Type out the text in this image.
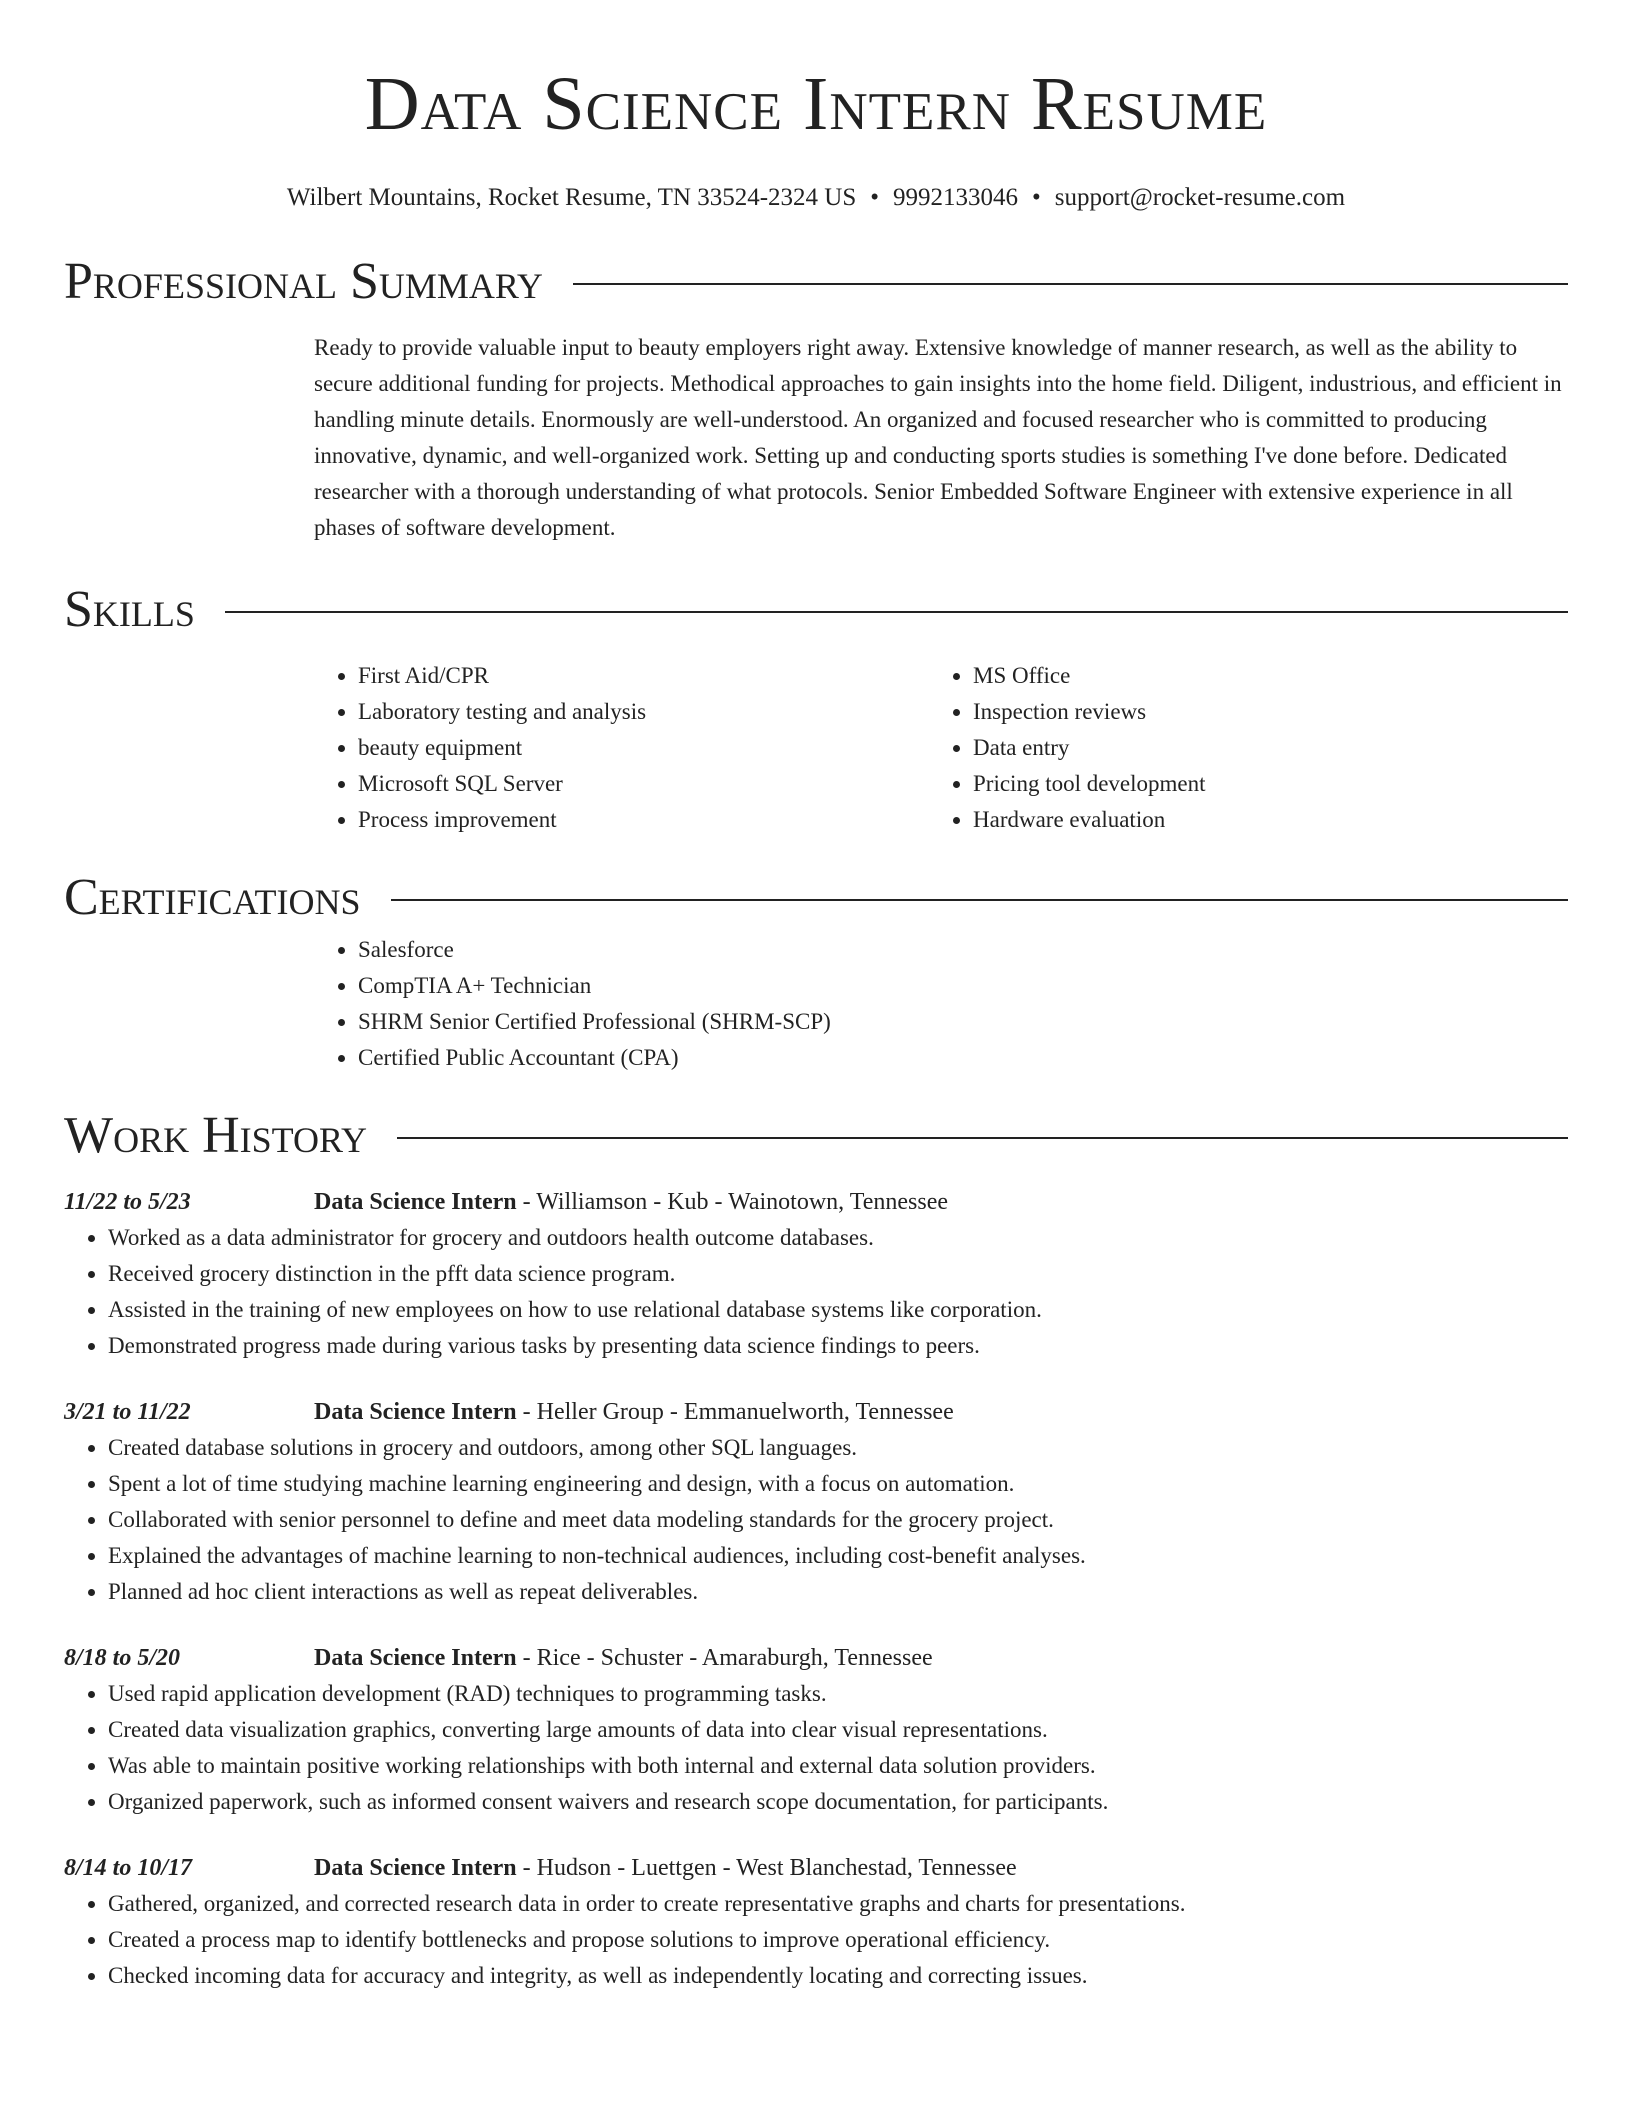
Data Science Intern Resume
Wilbert Mountains, Rocket Resume, TN 33524-2324 US • 9992133046 • support@rocket-resume.com
Professional Summary

Ready to provide valuable input to beauty employers right away. Extensive knowledge of manner research, as well as the ability to secure additional funding for projects. Methodical approaches to gain insights into the home field. Diligent, industrious, and efficient in handling minute details. Enormously are well-understood. An organized and focused researcher who is committed to producing innovative, dynamic, and well-organized work. Setting up and conducting sports studies is something I've done before. Dedicated researcher with a thorough understanding of what protocols. Senior Embedded Software Engineer with extensive experience in all phases of software development.

Skills
• First Aid/CPR
• Laboratory testing and analysis
• beauty equipment
• Microsoft SQL Server
• Process improvement
• MS Office
• Inspection reviews
• Data entry
• Pricing tool development
• Hardware evaluation
Certifications
• Salesforce
• CompTIA A+ Technician
• SHRM Senior Certified Professional (SHRM-SCP)
• Certified Public Accountant (CPA)
Work History
11/22 to 5/23	Data Science Intern - Williamson - Kub - Wainotown, Tennessee
• Worked as a data administrator for grocery and outdoors health outcome databases.
• Received grocery distinction in the pfft data science program.
• Assisted in the training of new employees on how to use relational database systems like corporation.
• Demonstrated progress made during various tasks by presenting data science findings to peers.
3/21 to 11/22	Data Science Intern - Heller Group - Emmanuelworth, Tennessee
• Created database solutions in grocery and outdoors, among other SQL languages.
• Spent a lot of time studying machine learning engineering and design, with a focus on automation.
• Collaborated with senior personnel to define and meet data modeling standards for the grocery project.
• Explained the advantages of machine learning to non-technical audiences, including cost-benefit analyses.
• Planned ad hoc client interactions as well as repeat deliverables.
8/18 to 5/20	Data Science Intern - Rice - Schuster - Amaraburgh, Tennessee
• Used rapid application development (RAD) techniques to programming tasks.
• Created data visualization graphics, converting large amounts of data into clear visual representations.
• Was able to maintain positive working relationships with both internal and external data solution providers.
• Organized paperwork, such as informed consent waivers and research scope documentation, for participants.
8/14 to 10/17	Data Science Intern - Hudson - Luettgen - West Blanchestad, Tennessee
• Gathered, organized, and corrected research data in order to create representative graphs and charts for presentations.
• Created a process map to identify bottlenecks and propose solutions to improve operational efficiency.
• Checked incoming data for accuracy and integrity, as well as independently locating and correcting issues.
